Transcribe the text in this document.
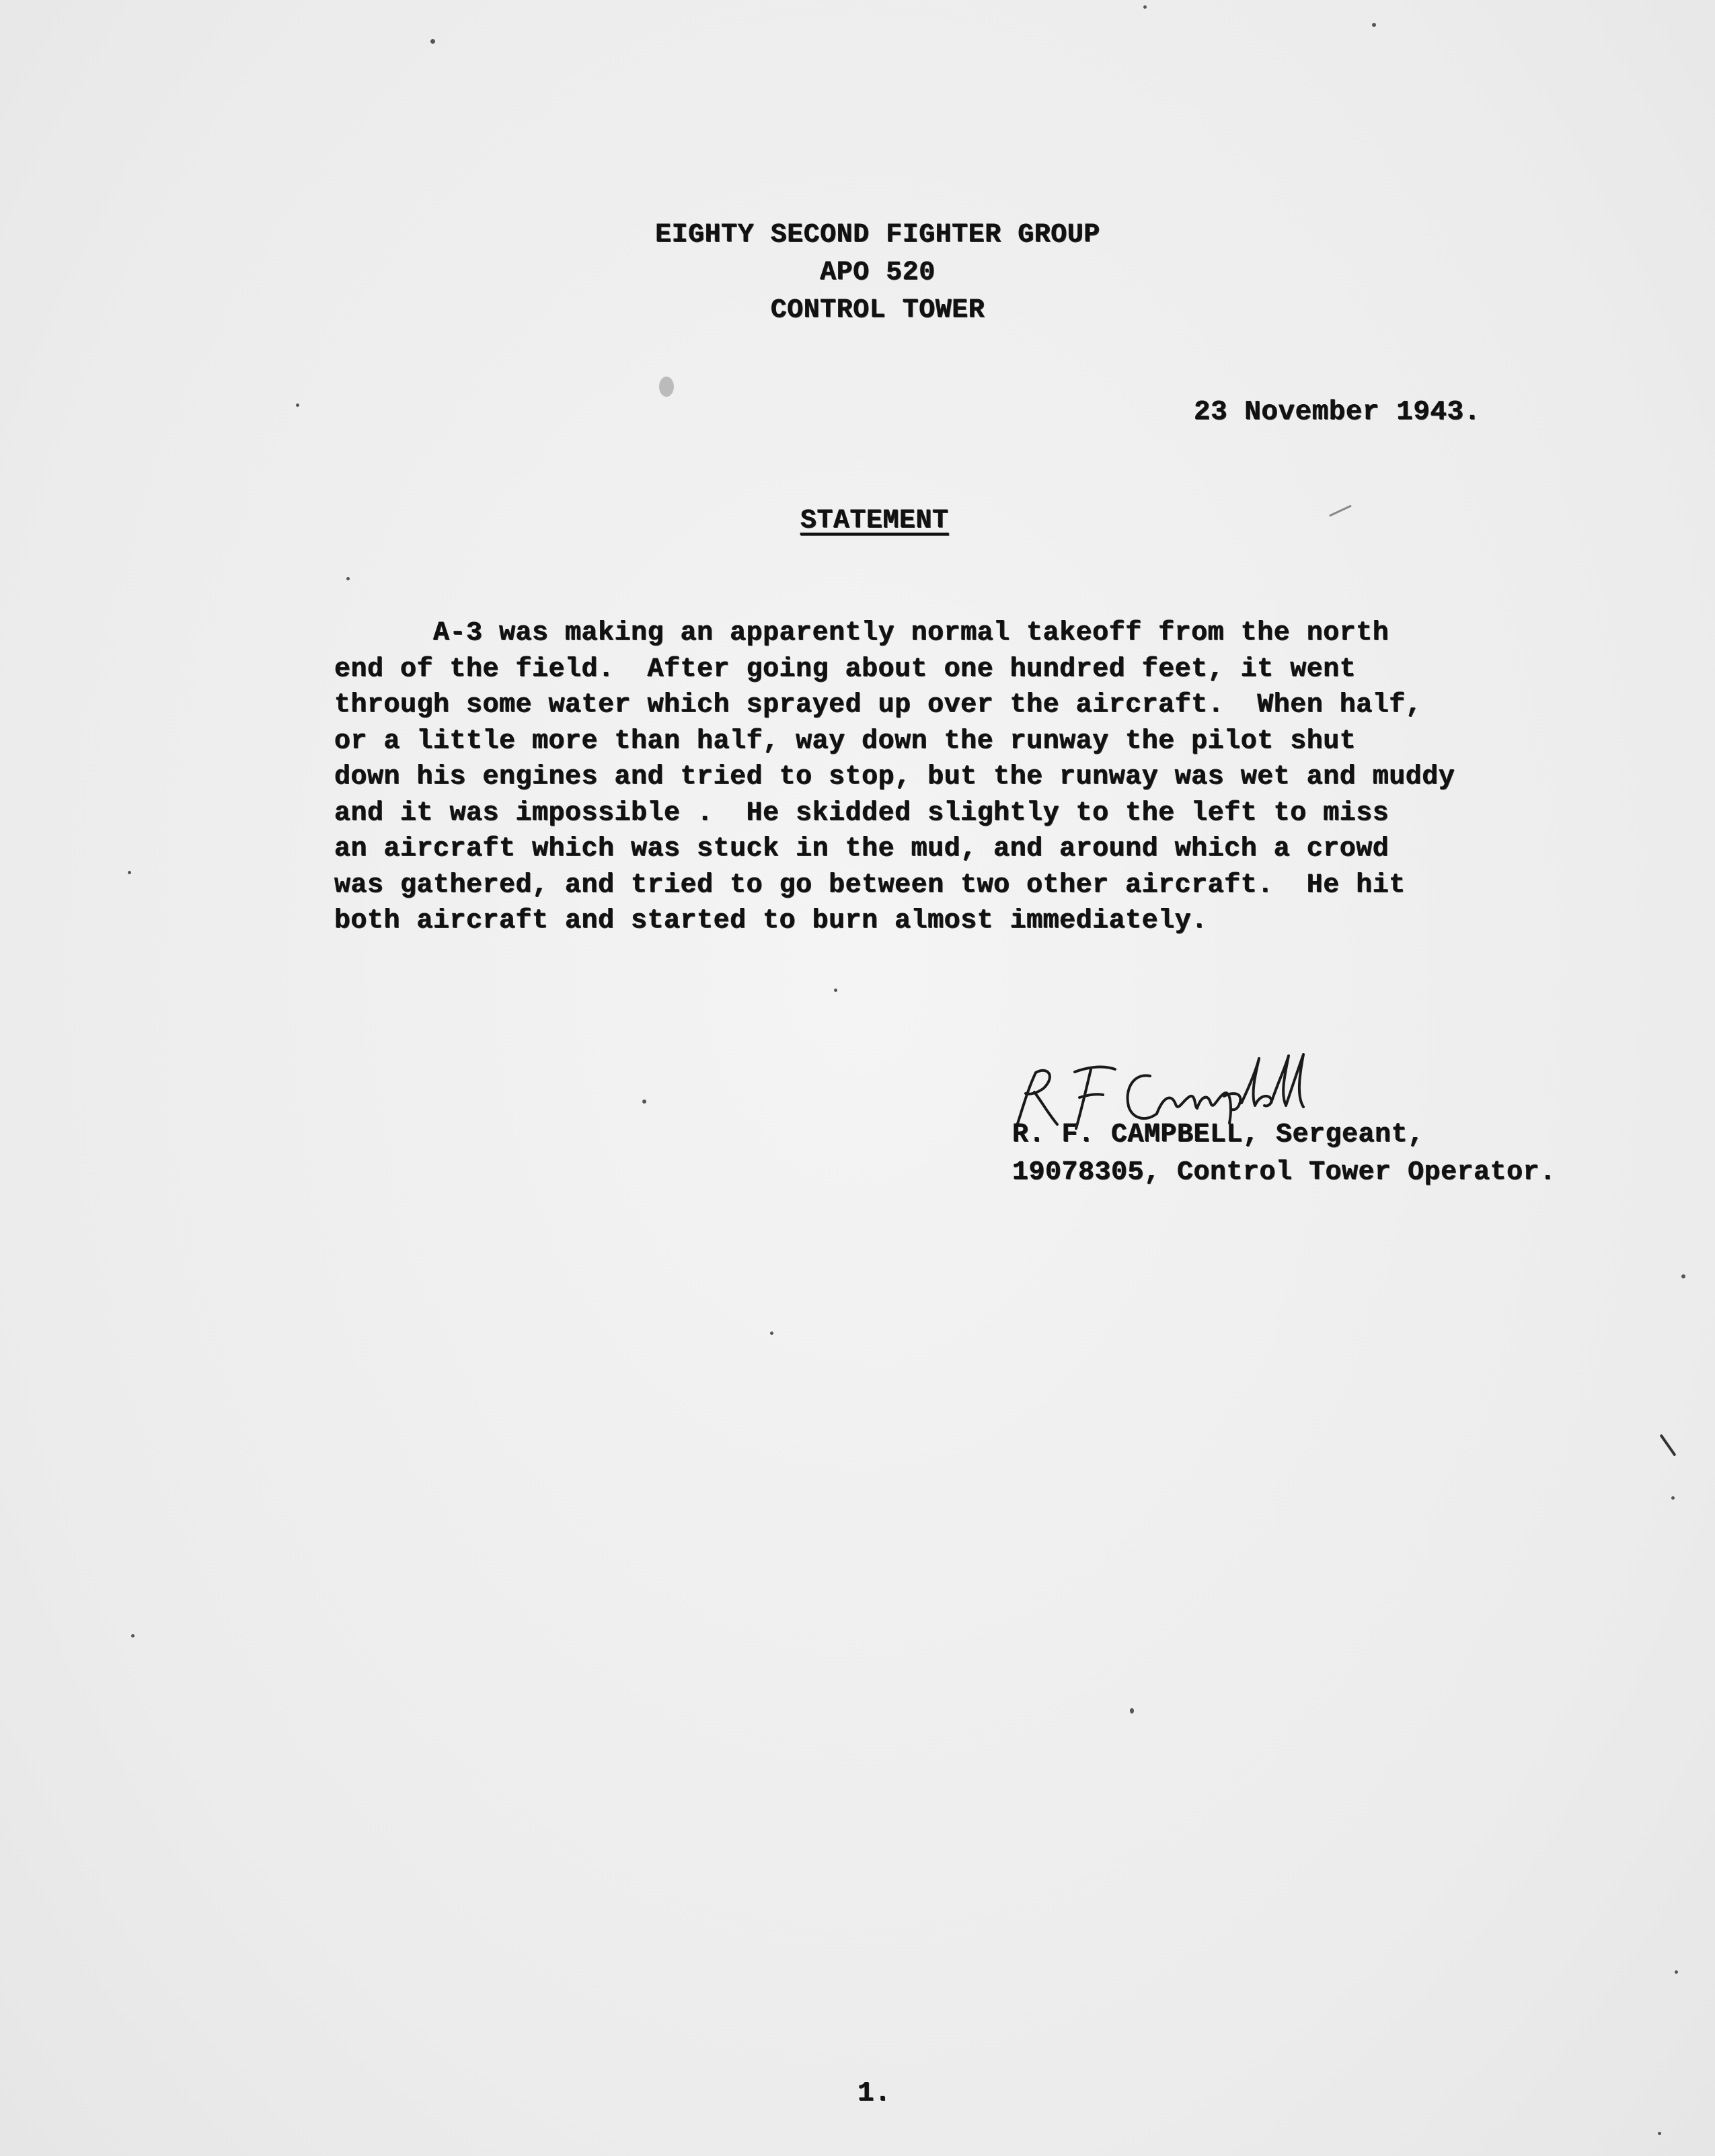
EIGHTY SECOND FIGHTER GROUP
APO 520
CONTROL TOWER
23 November 1943.
STATEMENT
A-3 was making an apparently normal takeoff from the north
end of the field.  After going about one hundred feet, it went
through some water which sprayed up over the aircraft.  When half,
or a little more than half, way down the runway the pilot shut
down his engines and tried to stop, but the runway was wet and muddy
and it was impossible .  He skidded slightly to the left to miss
an aircraft which was stuck in the mud, and around which a crowd
was gathered, and tried to go between two other aircraft.  He hit
both aircraft and started to burn almost immediately.
R. F. CAMPBELL, Sergeant,
19078305, Control Tower Operator.
1.
